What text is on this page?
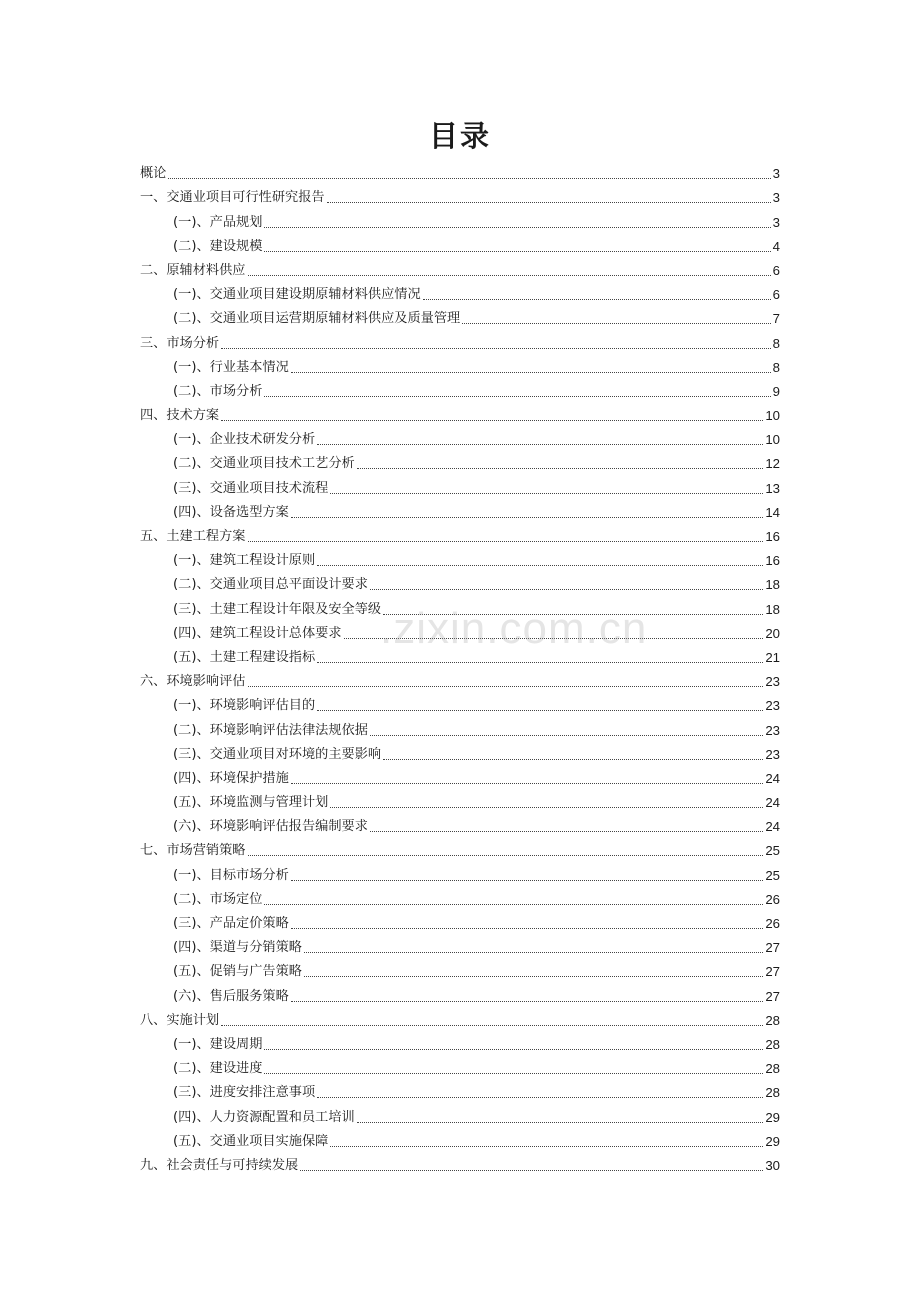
目录
概论	3
一、交通业项目可行性研究报告	3
(一)、产品规划	3
(二)、建设规模	4
二、原辅材料供应	6
(一)、交通业项目建设期原辅材料供应情况	6
(二)、交通业项目运营期原辅材料供应及质量管理	7
三、市场分析	8
(一)、行业基本情况	8
(二)、市场分析	9
四、技术方案	10
(一)、企业技术研发分析	10
(二)、交通业项目技术工艺分析	12
(三)、交通业项目技术流程	13
(四)、设备选型方案	14
五、土建工程方案	16
(一)、建筑工程设计原则	16
(二)、交通业项目总平面设计要求	18
(三)、土建工程设计年限及安全等级	18
(四)、建筑工程设计总体要求	20
(五)、土建工程建设指标	21
六、环境影响评估	23
(一)、环境影响评估目的	23
(二)、环境影响评估法律法规依据	23
(三)、交通业项目对环境的主要影响	23
(四)、环境保护措施	24
(五)、环境监测与管理计划	24
(六)、环境影响评估报告编制要求	24
七、市场营销策略	25
(一)、目标市场分析	25
(二)、市场定位	26
(三)、产品定价策略	26
(四)、渠道与分销策略	27
(五)、促销与广告策略	27
(六)、售后服务策略	27
八、实施计划	28
(一)、建设周期	28
(二)、建设进度	28
(三)、进度安排注意事项	28
(四)、人力资源配置和员工培训	29
(五)、交通业项目实施保障	29
九、社会责任与可持续发展	30
.zixin.com.cn
